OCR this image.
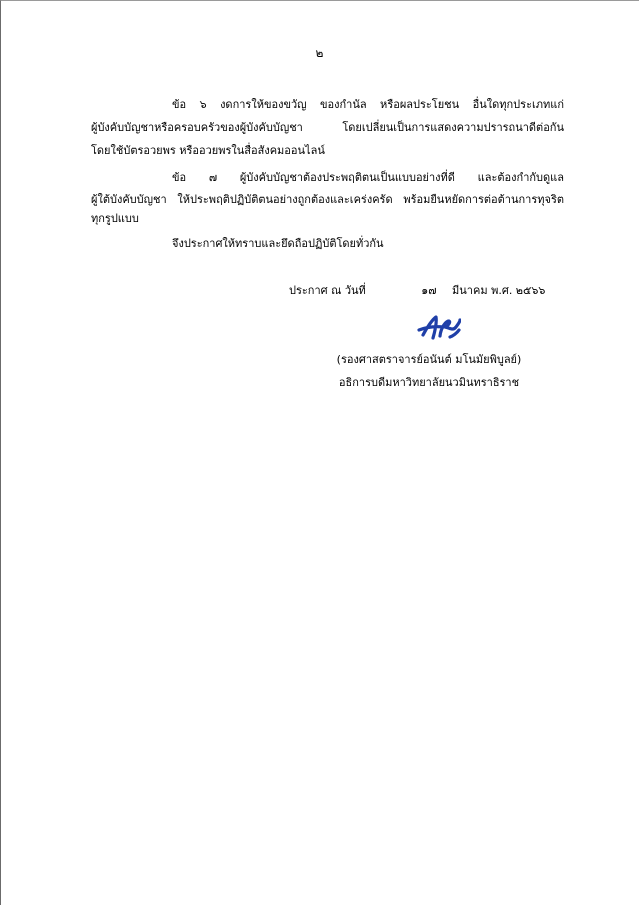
๒
ข้อ ๖ งดการให้ของขวัญ ของกำนัล หรือผลประโยชน อื่นใดทุกประเภทแก่
ผู้บังคับบัญชาหรือครอบครัวของผู้บังคับบัญชา โดยเปลี่ยนเป็นการแสดงความปรารถนาดีต่อกัน
โดยใช้บัตรอวยพร หรืออวยพรในสื่อสังคมออนไลน์
ข้อ ๗ ผู้บังคับบัญชาต้องประพฤติตนเป็นแบบอย่างที่ดี และต้องกำกับดูแล
ผู้ใต้บังคับบัญชา ให้ประพฤติปฏิบัติตนอย่างถูกต้องและเคร่งครัด พร้อมยืนหยัดการต่อต้านการทุจริต
ทุกรูปแบบ
จึงประกาศให้ทราบและยึดถือปฏิบัติโดยทั่วกัน
ประกาศ ณ วันที่	๑๗ มีนาคม พ.ศ. ๒๕๖๖
(รองศาสตราจารย์อนันต์ มโนมัยพิบูลย์)
อธิการบดีมหาวิทยาลัยนวมินทราธิราช
